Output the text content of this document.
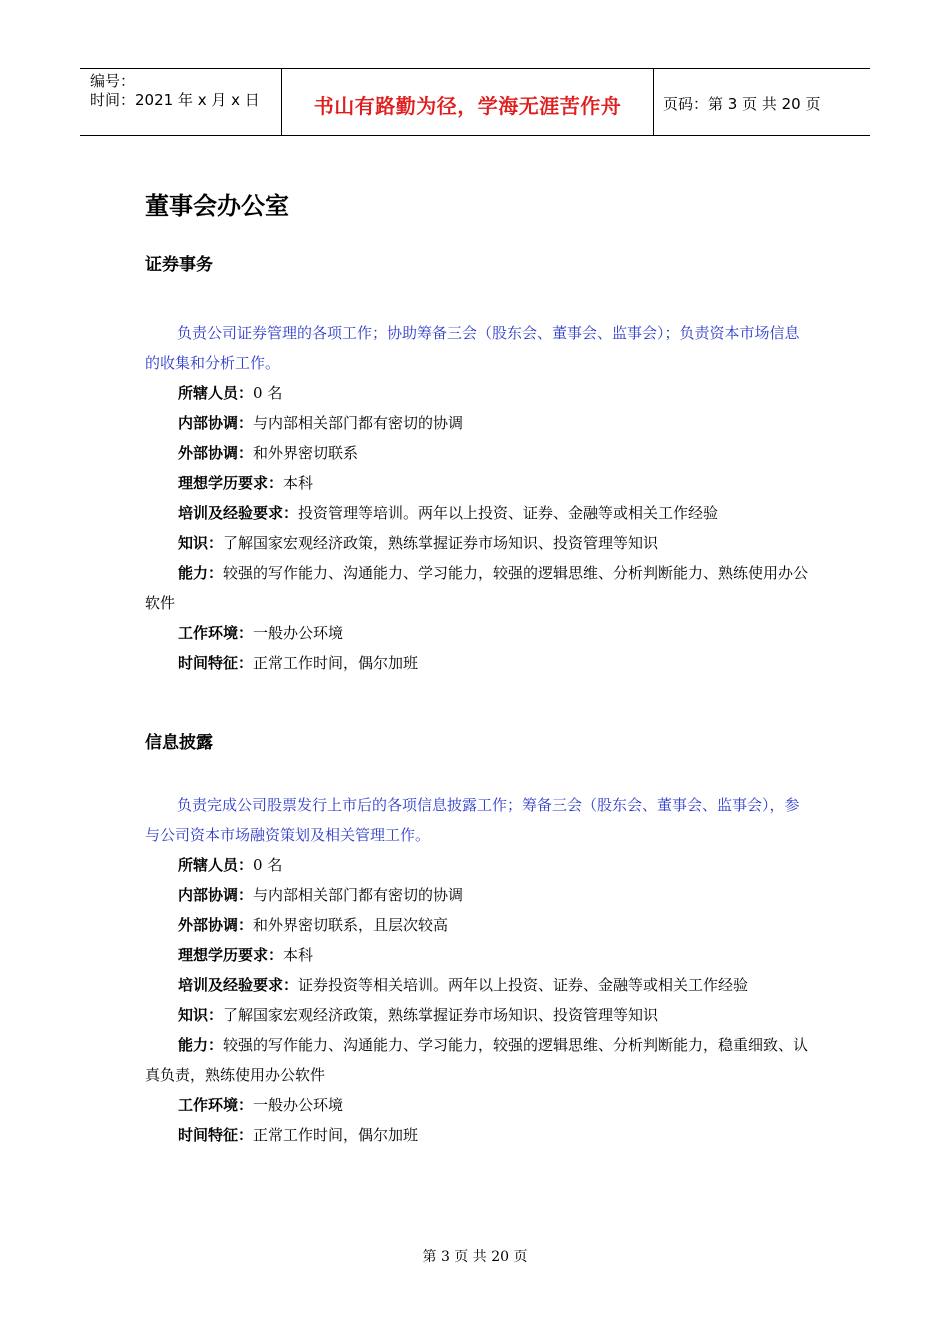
编号：
时间：2021 年 x 月 x 日	书山有路勤为径，学海无涯苦作舟	页码：第 3 页 共 20 页
董事会办公室
证券事务

负责公司证券管理的各项工作；协助筹备三会（股东会、董事会、监事会）；负责资本市场信息的收集和分析工作。

所辖人员：0 名

内部协调：与内部相关部门都有密切的协调

外部协调：和外界密切联系

理想学历要求：本科

培训及经验要求：投资管理等培训。两年以上投资、证券、金融等或相关工作经验

知识：了解国家宏观经济政策，熟练掌握证券市场知识、投资管理等知识

能力：较强的写作能力、沟通能力、学习能力，较强的逻辑思维、分析判断能力、熟练使用办公软件

工作环境：一般办公环境

时间特征：正常工作时间，偶尔加班

信息披露

负责完成公司股票发行上市后的各项信息披露工作；筹备三会（股东会、董事会、监事会），参与公司资本市场融资策划及相关管理工作。

所辖人员：0 名

内部协调：与内部相关部门都有密切的协调

外部协调：和外界密切联系，且层次较高

理想学历要求：本科

培训及经验要求：证券投资等相关培训。两年以上投资、证券、金融等或相关工作经验

知识：了解国家宏观经济政策，熟练掌握证券市场知识、投资管理等知识

能力：较强的写作能力、沟通能力、学习能力，较强的逻辑思维、分析判断能力，稳重细致、认真负责，熟练使用办公软件

工作环境：一般办公环境

时间特征：正常工作时间，偶尔加班

第 3 页 共 20 页
